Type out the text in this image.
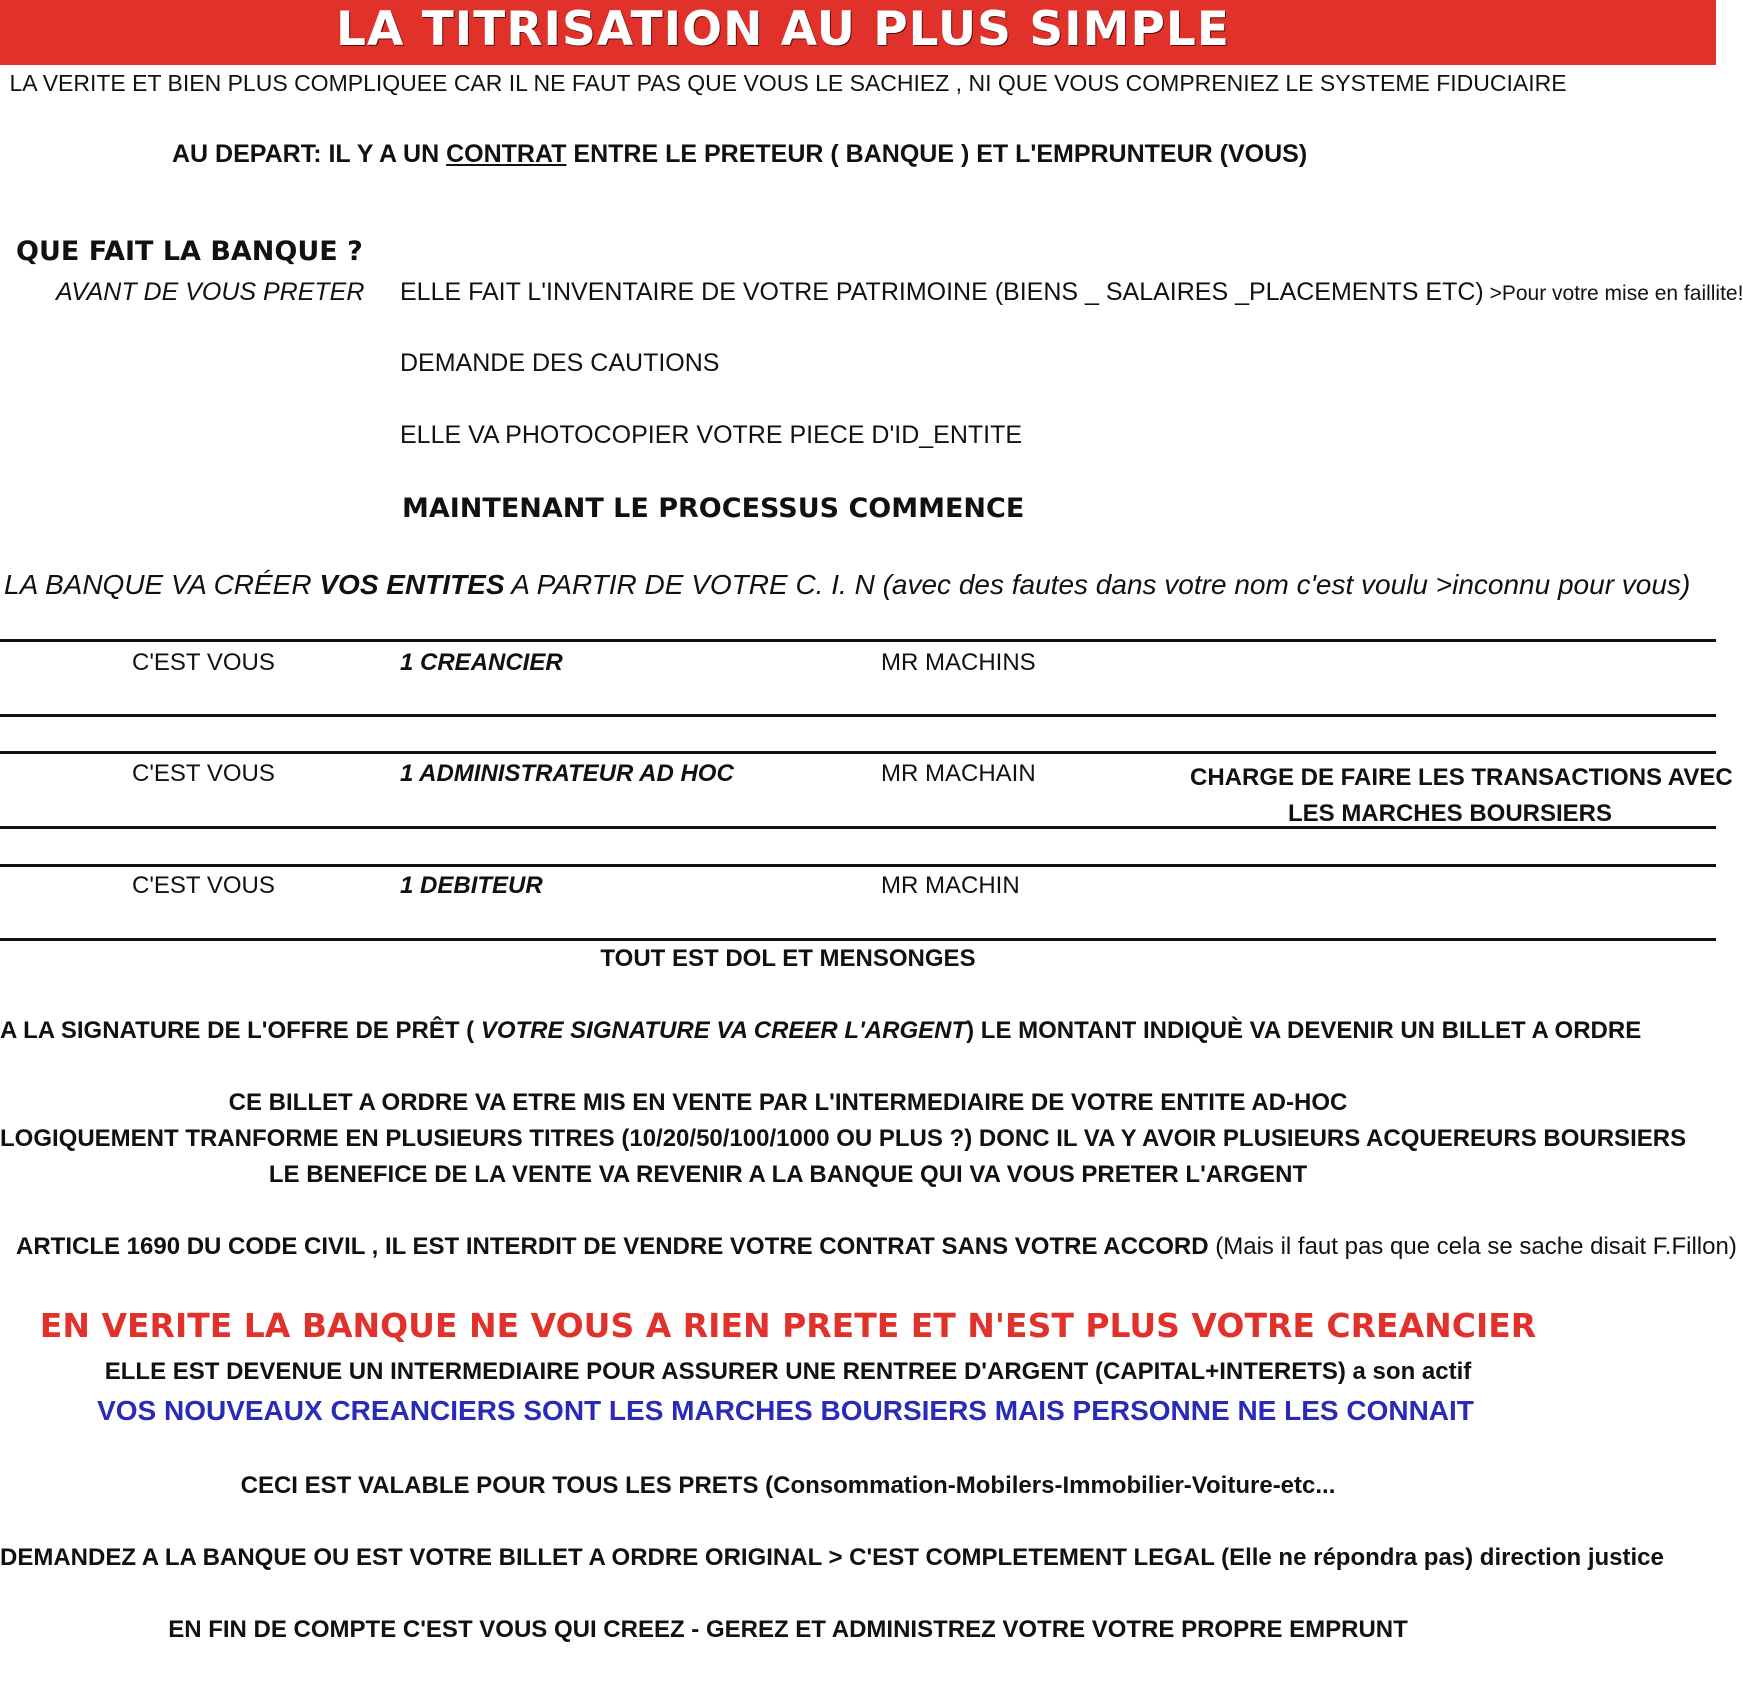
LA TITRISATION AU PLUS SIMPLE
LA VERITE ET BIEN PLUS COMPLIQUEE CAR IL NE FAUT PAS QUE VOUS LE SACHIEZ , NI QUE VOUS COMPRENIEZ LE SYSTEME FIDUCIAIRE
AU DEPART: IL Y A UN CONTRAT ENTRE LE PRETEUR ( BANQUE ) ET L'EMPRUNTEUR (VOUS)
QUE FAIT LA BANQUE ?
AVANT DE VOUS PRETER ELLE FAIT L'INVENTAIRE DE VOTRE PATRIMOINE (BIENS _ SALAIRES _PLACEMENTS ETC) >Pour votre mise en faillite!
DEMANDE DES CAUTIONS
ELLE VA PHOTOCOPIER VOTRE PIECE D'ID_ENTITE
MAINTENANT LE PROCESSUS COMMENCE
LA BANQUE VA CRÉER VOS ENTITES A PARTIR DE VOTRE C. I. N (avec des fautes dans votre nom c'est voulu >inconnu pour vous)
C'EST VOUS	1 CREANCIER	MR MACHINS
C'EST VOUS	1 ADMINISTRATEUR AD HOC	MR MACHAIN	CHARGE DE FAIRE LES TRANSACTIONS AVEC
LES MARCHES BOURSIERS
C'EST VOUS	1 DEBITEUR	MR MACHIN
TOUT EST DOL ET MENSONGES
A LA SIGNATURE DE L'OFFRE DE PRÊT ( VOTRE SIGNATURE VA CREER L'ARGENT) LE MONTANT INDIQUÈ VA DEVENIR UN BILLET A ORDRE
CE BILLET A ORDRE VA ETRE MIS EN VENTE PAR L'INTERMEDIAIRE DE VOTRE ENTITE AD-HOC
LOGIQUEMENT TRANFORME EN PLUSIEURS TITRES (10/20/50/100/1000 OU PLUS ?) DONC IL VA Y AVOIR PLUSIEURS ACQUEREURS BOURSIERS
LE BENEFICE DE LA VENTE VA REVENIR A LA BANQUE QUI VA VOUS PRETER L'ARGENT
ARTICLE 1690 DU CODE CIVIL , IL EST INTERDIT DE VENDRE VOTRE CONTRAT SANS VOTRE ACCORD (Mais il faut pas que cela se sache disait F.Fillon)
EN VERITE LA BANQUE NE VOUS A RIEN PRETE ET N'EST PLUS VOTRE CREANCIER
ELLE EST DEVENUE UN INTERMEDIAIRE POUR ASSURER UNE RENTREE D'ARGENT (CAPITAL+INTERETS) a son actif
VOS NOUVEAUX CREANCIERS SONT LES MARCHES BOURSIERS MAIS PERSONNE NE LES CONNAIT
CECI EST VALABLE POUR TOUS LES PRETS (Consommation-Mobilers-Immobilier-Voiture-etc...
DEMANDEZ A LA BANQUE OU EST VOTRE BILLET A ORDRE ORIGINAL > C'EST COMPLETEMENT LEGAL (Elle ne répondra pas) direction justice
EN FIN DE COMPTE C'EST VOUS QUI CREEZ - GEREZ ET ADMINISTREZ VOTRE VOTRE PROPRE EMPRUNT
